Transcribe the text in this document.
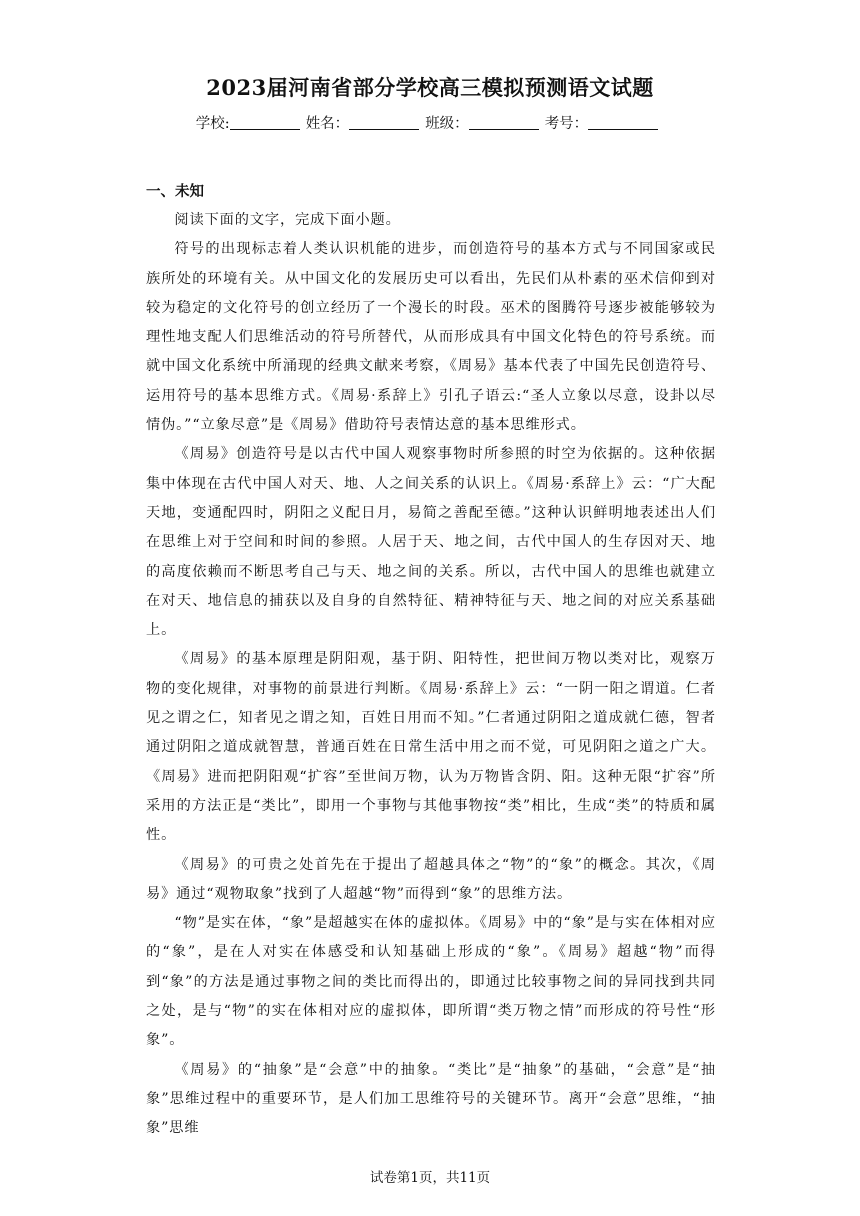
2023届河南省部分学校高三模拟预测语文试题
学校:	姓名：	班级：	考号：
一、未知

阅读下面的文字，完成下面小题。

符号的出现标志着人类认识机能的进步，而创造符号的基本方式与不同国家或民族所处的环境有关。从中国文化的发展历史可以看出，先民们从朴素的巫术信仰到对较为稳定的文化符号的创立经历了一个漫长的时段。巫术的图腾符号逐步被能够较为理性地支配人们思维活动的符号所替代，从而形成具有中国文化特色的符号系统。而就中国文化系统中所涌现的经典文献来考察，《周易》基本代表了中国先民创造符号、运用符号的基本思维方式。《周易·系辞上》引孔子语云:“圣人立象以尽意，设卦以尽情伪。”“立象尽意”是《周易》借助符号表情达意的基本思维形式。

《周易》创造符号是以古代中国人观察事物时所参照的时空为依据的。这种依据集中体现在古代中国人对天、地、人之间关系的认识上。《周易·系辞上》云：“广大配天地，变通配四时，阴阳之义配日月，易简之善配至德。”这种认识鲜明地表述出人们在思维上对于空间和时间的参照。人居于天、地之间，古代中国人的生存因对天、地的高度依赖而不断思考自己与天、地之间的关系。所以，古代中国人的思维也就建立在对天、地信息的捕获以及自身的自然特征、精神特征与天、地之间的对应关系基础上。

《周易》的基本原理是阴阳观，基于阴、阳特性，把世间万物以类对比，观察万物的变化规律，对事物的前景进行判断。《周易·系辞上》云：“一阴一阳之谓道。仁者见之谓之仁，知者见之谓之知，百姓日用而不知。”仁者通过阴阳之道成就仁德，智者通过阴阳之道成就智慧，普通百姓在日常生活中用之而不觉，可见阴阳之道之广大。《周易》进而把阴阳观“扩容”至世间万物，认为万物皆含阴、阳。这种无限“扩容”所采用的方法正是“类比”，即用一个事物与其他事物按“类”相比，生成“类”的特质和属性。

《周易》的可贵之处首先在于提出了超越具体之“物”的“象”的概念。其次，《周易》通过“观物取象”找到了人超越“物”而得到“象”的思维方法。

“物”是实在体，“象”是超越实在体的虚拟体。《周易》中的“象”是与实在体相对应的“象”，是在人对实在体感受和认知基础上形成的“象”。《周易》超越“物”而得到“象”的方法是通过事物之间的类比而得出的，即通过比较事物之间的异同找到共同之处，是与“物”的实在体相对应的虚拟体，即所谓“类万物之情”而形成的符号性“形象”。

《周易》的“抽象”是“会意”中的抽象。“类比”是“抽象”的基础，“会意”是“抽象”思维过程中的重要环节，是人们加工思维符号的关键环节。离开“会意”思维，“抽象”思维

试卷第1页，共11页
